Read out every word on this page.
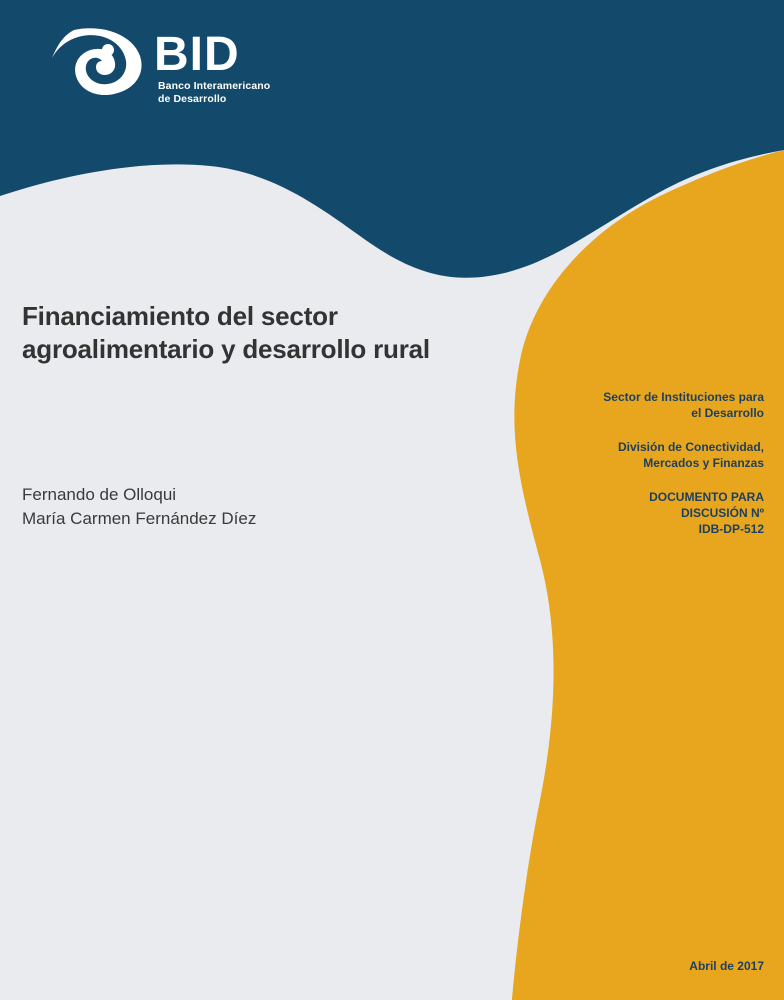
BID
Banco Interamericano
de Desarrollo
Financiamiento del sector agroalimentario y desarrollo rural
Fernando de Olloqui
María Carmen Fernández Díez
Sector de Instituciones para
el Desarrollo
División de Conectividad,
Mercados y Finanzas
DOCUMENTO PARA
DISCUSIÓN Nº
IDB-DP-512
Abril de 2017
